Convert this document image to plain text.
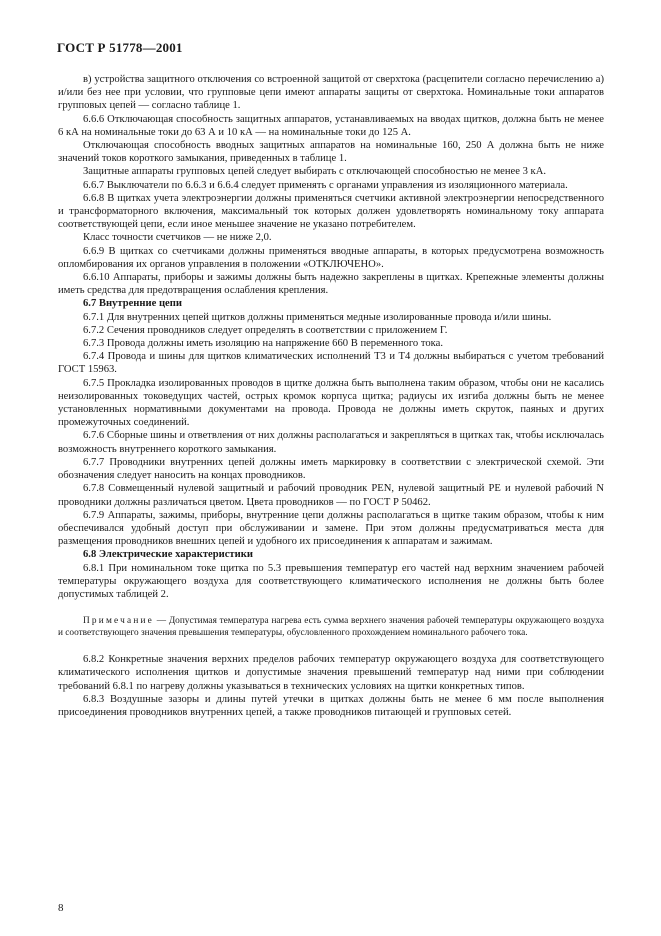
ГОСТ Р 51778—2001

в) устройства защитного отключения со встроенной защитой от сверхтока (расцепители согласно перечислению а) и/или без нее при условии, что групповые цепи имеют аппараты защиты от сверхтока. Номинальные токи аппаратов групповых цепей — согласно таблице 1.

6.6.6 Отключающая способность защитных аппаратов, устанавливаемых на вводах щитков, должна быть не менее 6 кА на номинальные токи до 63 А и 10 кА — на номинальные токи до 125 А.

Отключающая способность вводных защитных аппаратов на номинальные 160, 250 А должна быть не ниже значений токов короткого замыкания, приведенных в таблице 1.

Защитные аппараты групповых цепей следует выбирать с отключающей способностью не менее 3 кА.

6.6.7 Выключатели по 6.6.3 и 6.6.4 следует применять с органами управления из изоляционного материала.

6.6.8 В щитках учета электроэнергии должны применяться счетчики активной электроэнергии непосредственного и трансформаторного включения, максимальный ток которых должен удовлетворять номинальному току аппарата соответствующей цепи, если иное меньшее значение не указано потребителем.

Класс точности счетчиков — не ниже 2,0.

6.6.9 В щитках со счетчиками должны применяться вводные аппараты, в которых предусмотрена возможность опломбирования их органов управления в положении «ОТКЛЮЧЕНО».

6.6.10 Аппараты, приборы и зажимы должны быть надежно закреплены в щитках. Крепежные элементы должны иметь средства для предотвращения ослабления крепления.

6.7 Внутренние цепи

6.7.1 Для внутренних цепей щитков должны применяться медные изолированные провода и/или шины.

6.7.2 Сечения проводников следует определять в соответствии с приложением Г.

6.7.3 Провода должны иметь изоляцию на напряжение 660 В переменного тока.

6.7.4 Провода и шины для щитков климатических исполнений Т3 и Т4 должны выбираться с учетом требований ГОСТ 15963.

6.7.5 Прокладка изолированных проводов в щитке должна быть выполнена таким образом, чтобы они не касались неизолированных токоведущих частей, острых кромок корпуса щитка; радиусы их изгиба должны быть не менее установленных нормативными документами на провода. Провода не должны иметь скруток, паяных и других промежуточных соединений.

6.7.6 Сборные шины и ответвления от них должны располагаться и закрепляться в щитках так, чтобы исключалась возможность внутреннего короткого замыкания.

6.7.7 Проводники внутренних цепей должны иметь маркировку в соответствии с электрической схемой. Эти обозначения следует наносить на концах проводников.

6.7.8 Совмещенный нулевой защитный и рабочий проводник PEN, нулевой защитный PE и нулевой рабочий N проводники должны различаться цветом. Цвета проводников — по ГОСТ Р 50462.

6.7.9 Аппараты, зажимы, приборы, внутренние цепи должны располагаться в щитке таким образом, чтобы к ним обеспечивался удобный доступ при обслуживании и замене. При этом должны предусматриваться места для размещения проводников внешних цепей и удобного их присоединения к аппаратам и зажимам.

6.8 Электрические характеристики

6.8.1 При номинальном токе щитка по 5.3 превышения температур его частей над верхним значением рабочей температуры окружающего воздуха для соответствующего климатического исполнения не должны быть более допустимых таблицей 2.

Примечание — Допустимая температура нагрева есть сумма верхнего значения рабочей температуры окружающего воздуха и соответствующего значения превышения температуры, обусловленного прохождением номинального рабочего тока.

6.8.2 Конкретные значения верхних пределов рабочих температур окружающего воздуха для соответствующего климатического исполнения щитков и допустимые значения превышений температур над ними при соблюдении требований 6.8.1 по нагреву должны указываться в технических условиях на щитки конкретных типов.

6.8.3 Воздушные зазоры и длины путей утечки в щитках должны быть не менее 6 мм после выполнения присоединения проводников внутренних цепей, а также проводников питающей и групповых сетей.

8
